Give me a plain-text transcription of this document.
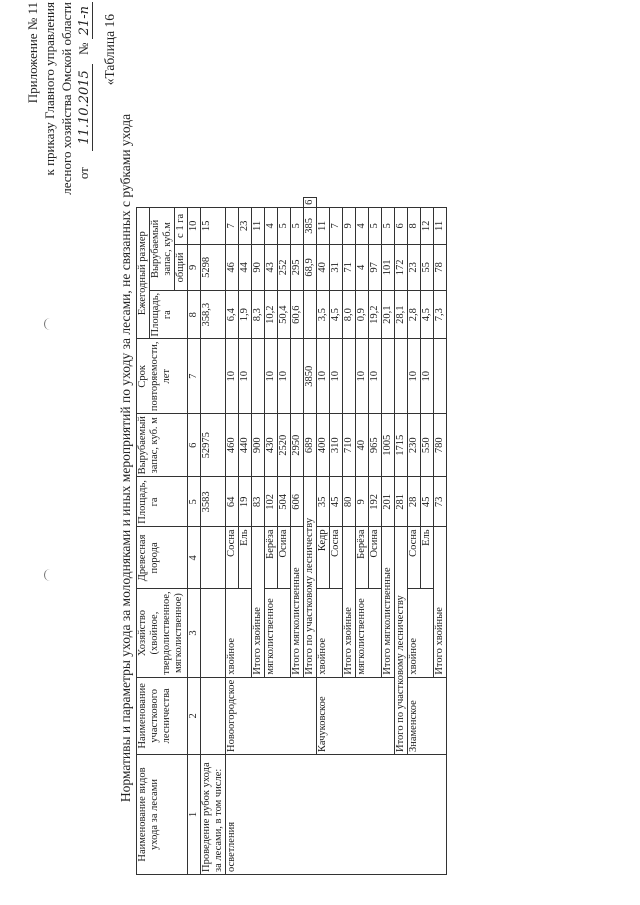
Приложение № 11 к приказу Главного управления лесного хозяйства Омской области от  11.10.2015 № 21-п «Таблица 16
Нормативы и параметры ухода за молодняками и иных мероприятий по уходу за лесами, не связанных с рубками ухода
Наименование видов ухода за лесами	Наименование участкового лесничества	Хозяйство (хвойное, твердолиственное, мягколиственное)	Древесная порода	Площадь, га	Вырубаемый запас, куб. м	Срок повторяемости, лет	Ежегодный размер			
							Площадь, га	Вырубаемый запас, куб.м		
								общий	с 1 га	
1	2	3	4	5	6	7	8	9	10	
Проведение рубок ухода за лесами, в том числе:				3583	52975		358,3	5298	15	
осветления	Новоогородское	хвойное	Сосна	64	460	10	6,4	46	7	
			Ель	19	440	10	1,9	44	23	
		Итого хвойные		83	900		8,3	90	11	
		мягколиственное	Берёза	102	430	10	10,2	43	4	
			Осина	504	2520	10	50,4	252	5	
		Итого мягколиственные		606	2950		60,6	295	5	
		Итого по участковому лесничеству			689	3850		68,9	385	6
	Качуковское	хвойное	Кедр	35	400	10	3,5	40	11	
			Сосна	45	310	10	4,5	31	7	
		Итого хвойные		80	710		8,0	71	9	
		мягколиственное	Берёза	9	40	10	0,9	4	4	
			Осина	192	965	10	19,2	97	5	
		Итого мягколиственные		201	1005		20,1	101	5	
	Итого по участковому лесничеству			281	1715		28,1	172	6	
	Знаменское	хвойное	Сосна	28	230	10	2,8	23	8	
			Ель	45	550	10	4,5	55	12	
		Итого хвойные		73	780		7,3	78	11	
